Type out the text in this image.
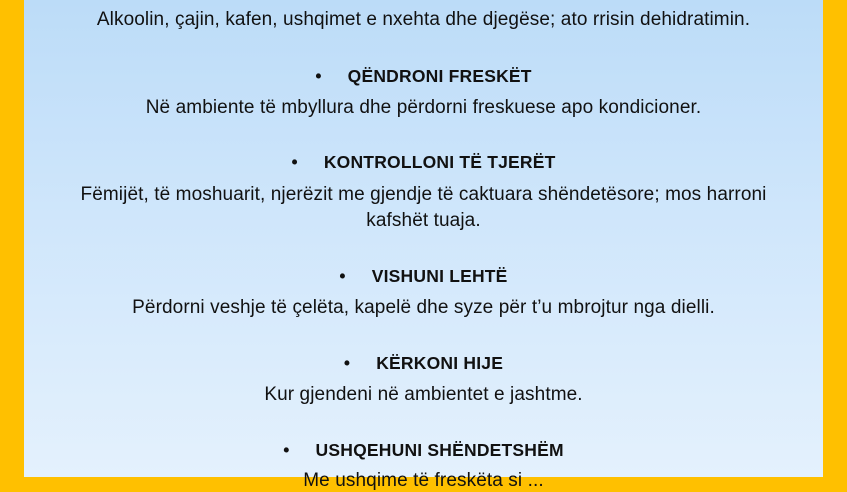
Alkoolin, çajin, kafen, ushqimet e nxehta dhe djegëse; ato rrisin dehidratimin.
• QËNDRONI FRESKËT
Në ambiente të mbyllura dhe përdorni freskuese apo kondicioner.
• KONTROLLONI TË TJERËT
Fëmijët, të moshuarit, njerëzit me gjendje të caktuara shëndetësore; mos harroni
kafshët tuaja.
• VISHUNI LEHTË
Përdorni veshje të çelëta, kapelë dhe syze për t’u mbrojtur nga dielli.
• KËRKONI HIJE
Kur gjendeni në ambientet e jashtme.
• USHQEHUNI SHËNDETSHËM
Me ushqime të freskëta si ...
